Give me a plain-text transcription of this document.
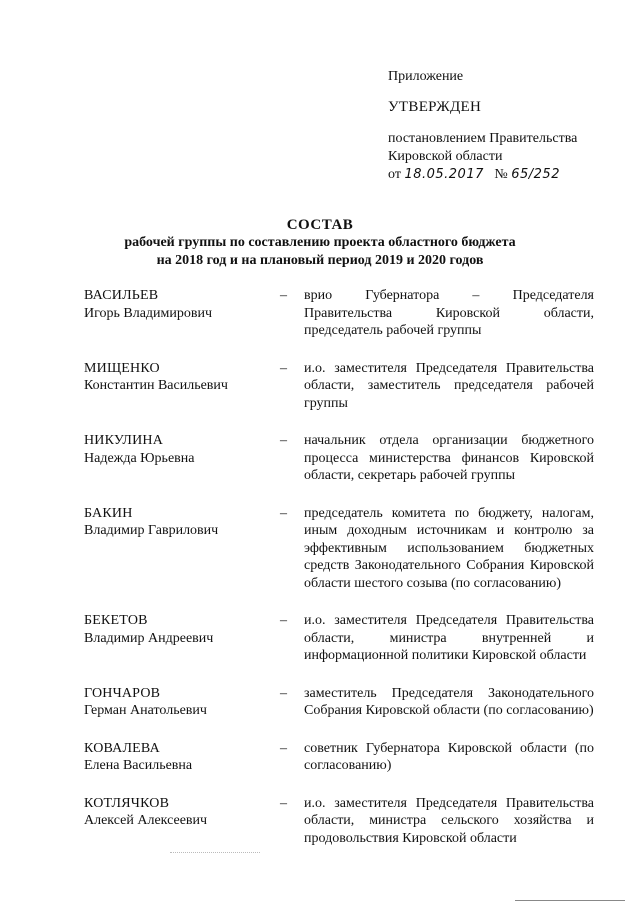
Приложение
УТВЕРЖДЕН
постановлением Правительства
Кировской области
от 18.05.2017 № 65/252
СОСТАВ
рабочей группы по составлению проекта областного бюджета
на 2018 год и на плановый период 2019 и 2020 годов
ВАСИЛЬЕВ
Игорь Владимирович
–	врио Губернатора – Председателя Правительства Кировской области, председатель рабочей группы
МИЩЕНКО
Константин Васильевич
–	и.о. заместителя Председателя Правительства области, заместитель председателя рабочей группы
НИКУЛИНА
Надежда Юрьевна
–	начальник отдела организации бюджетного процесса министерства финансов Кировской области, секретарь рабочей группы
БАКИН
Владимир Гаврилович
–	председатель комитета по бюджету, налогам, иным доходным источникам и контролю за эффективным использованием бюджетных средств Законодательного Собрания Кировской области шестого созыва (по согласованию)
БЕКЕТОВ
Владимир Андреевич
–	и.о. заместителя Председателя Правительства области, министра внутренней и информационной политики Кировской области
ГОНЧАРОВ
Герман Анатольевич
–	заместитель Председателя Законодательного Собрания Кировской области (по согласованию)
КОВАЛЕВА
Елена Васильевна
–	советник Губернатора Кировской области (по согласованию)
КОТЛЯЧКОВ
Алексей Алексеевич
–	и.о. заместителя Председателя Правительства области, министра сельского хозяйства и продовольствия Кировской области
